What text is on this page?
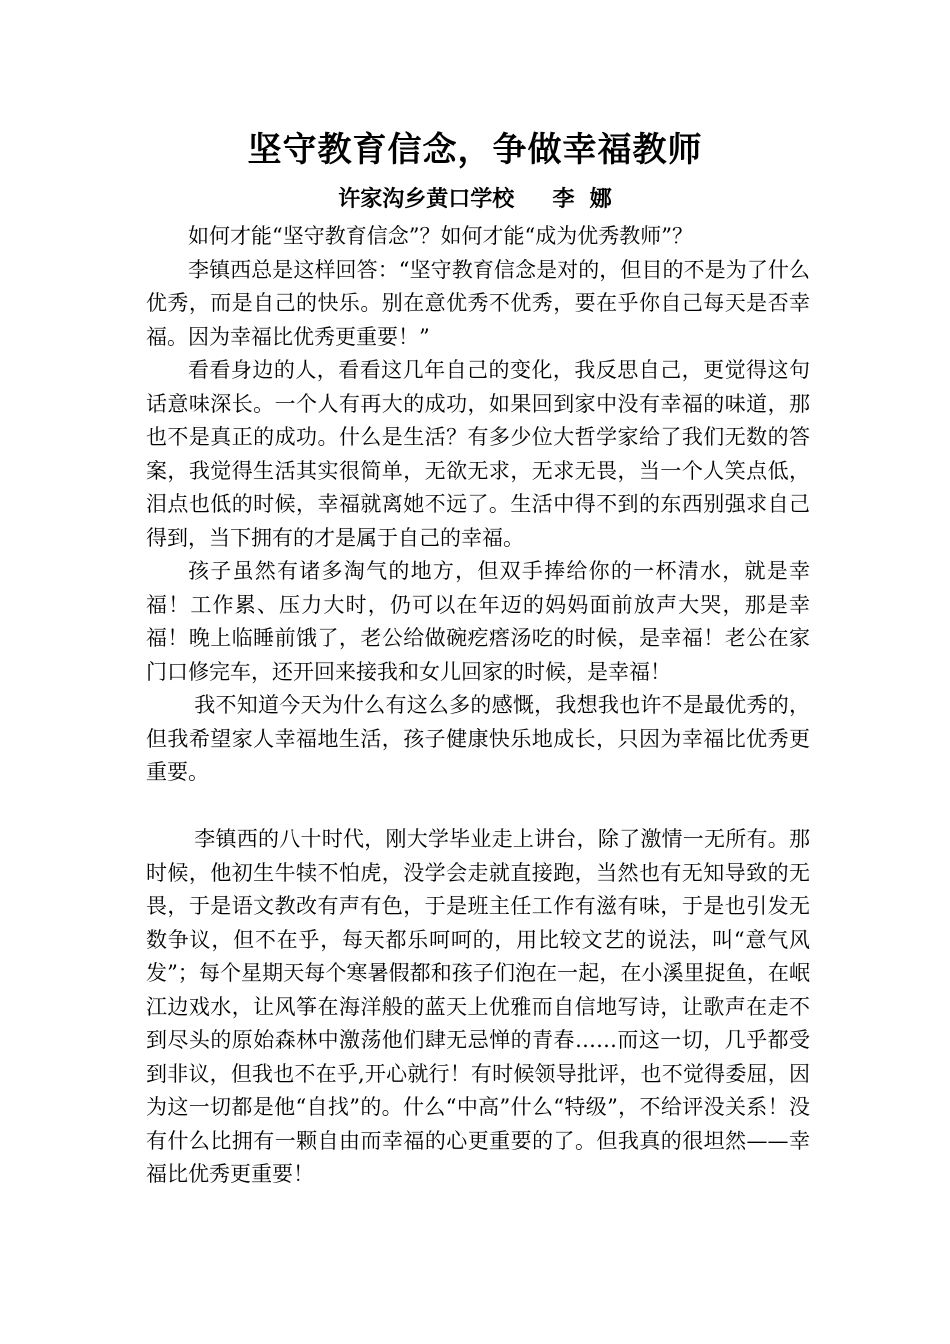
坚守教育信念，争做幸福教师
许家沟乡黄口学校     李  娜

如何才能“坚守教育信念”？如何才能“成为优秀教师”？

李镇西总是这样回答：“坚守教育信念是对的，但目的不是为了什么优秀，而是自己的快乐。别在意优秀不优秀，要在乎你自己每天是否幸福。因为幸福比优秀更重要！”

看看身边的人，看看这几年自己的变化，我反思自己，更觉得这句话意味深长。一个人有再大的成功，如果回到家中没有幸福的味道，那也不是真正的成功。什么是生活？有多少位大哲学家给了我们无数的答案，我觉得生活其实很简单，无欲无求，无求无畏，当一个人笑点低，泪点也低的时候，幸福就离她不远了。生活中得不到的东西别强求自己得到，当下拥有的才是属于自己的幸福。

孩子虽然有诸多淘气的地方，但双手捧给你的一杯清水，就是幸福！工作累、压力大时，仍可以在年迈的妈妈面前放声大哭，那是幸福！晚上临睡前饿了，老公给做碗疙瘩汤吃的时候，是幸福！老公在家门口修完车，还开回来接我和女儿回家的时候，是幸福！

我不知道今天为什么有这么多的感慨，我想我也许不是最优秀的，但我希望家人幸福地生活，孩子健康快乐地成长，只因为幸福比优秀更重要。

李镇西的八十时代，刚大学毕业走上讲台，除了激情一无所有。那时候，他初生牛犊不怕虎，没学会走就直接跑，当然也有无知导致的无畏，于是语文教改有声有色，于是班主任工作有滋有味，于是也引发无数争议，但不在乎，每天都乐呵呵的，用比较文艺的说法，叫“意气风发”；每个星期天每个寒暑假都和孩子们泡在一起，在小溪里捉鱼，在岷江边戏水，让风筝在海洋般的蓝天上优雅而自信地写诗，让歌声在走不到尽头的原始森林中激荡他们肆无忌惮的青春……而这一切，几乎都受到非议，但我也不在乎,开心就行！有时候领导批评，也不觉得委屈，因为这一切都是他“自找”的。什么“中高”什么“特级”，不给评没关系！没有什么比拥有一颗自由而幸福的心更重要的了。但我真的很坦然——幸福比优秀更重要！
